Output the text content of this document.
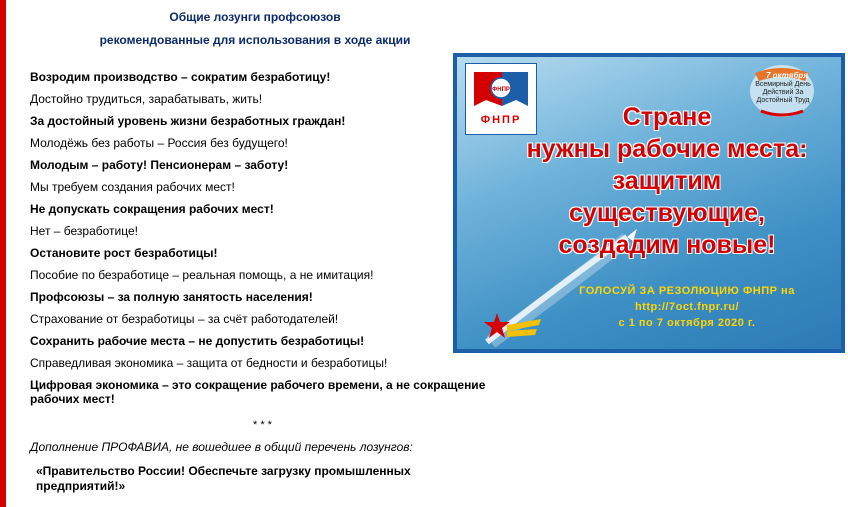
Общие лозунги профсоюзов
рекомендованные для использования в ходе акции

Возродим производство – сократим безработицу!

Достойно трудиться, зарабатывать, жить!

За достойный уровень жизни безработных граждан!

Молодёжь без работы – Россия без будущего!

Молодым – работу! Пенсионерам – заботу!

Мы требуем создания рабочих мест!

Не допускать сокращения рабочих мест!

Нет – безработице!

Остановите рост безработицы!

Пособие по безработице – реальная помощь, а не имитация!

Профсоюзы – за полную занятость населения!

Страхование от безработицы – за счёт работодателей!

Сохранить рабочие места – не допустить безработицы!

Справедливая экономика – защита от бедности и безработицы!

Цифровая экономика – это сокращение рабочего времени, а не сокращение рабочих мест!

* * *
Дополнение ПРОФАВИА, не вошедшее в общий перечень лозунгов:
«Правительство России! Обеспечьте загрузку промышленных предприятий!»
ФНПР
ФНПР
7 октября
Всемирный День Действий За Достойный Труд
Стране
нужны рабочие места:
защитим
существующие,
создадим новые!
ГОЛОСУЙ ЗА РЕЗОЛЮЦИЮ ФНПР на
http://7oct.fnpr.ru/
с 1 по 7 октября 2020 г.
